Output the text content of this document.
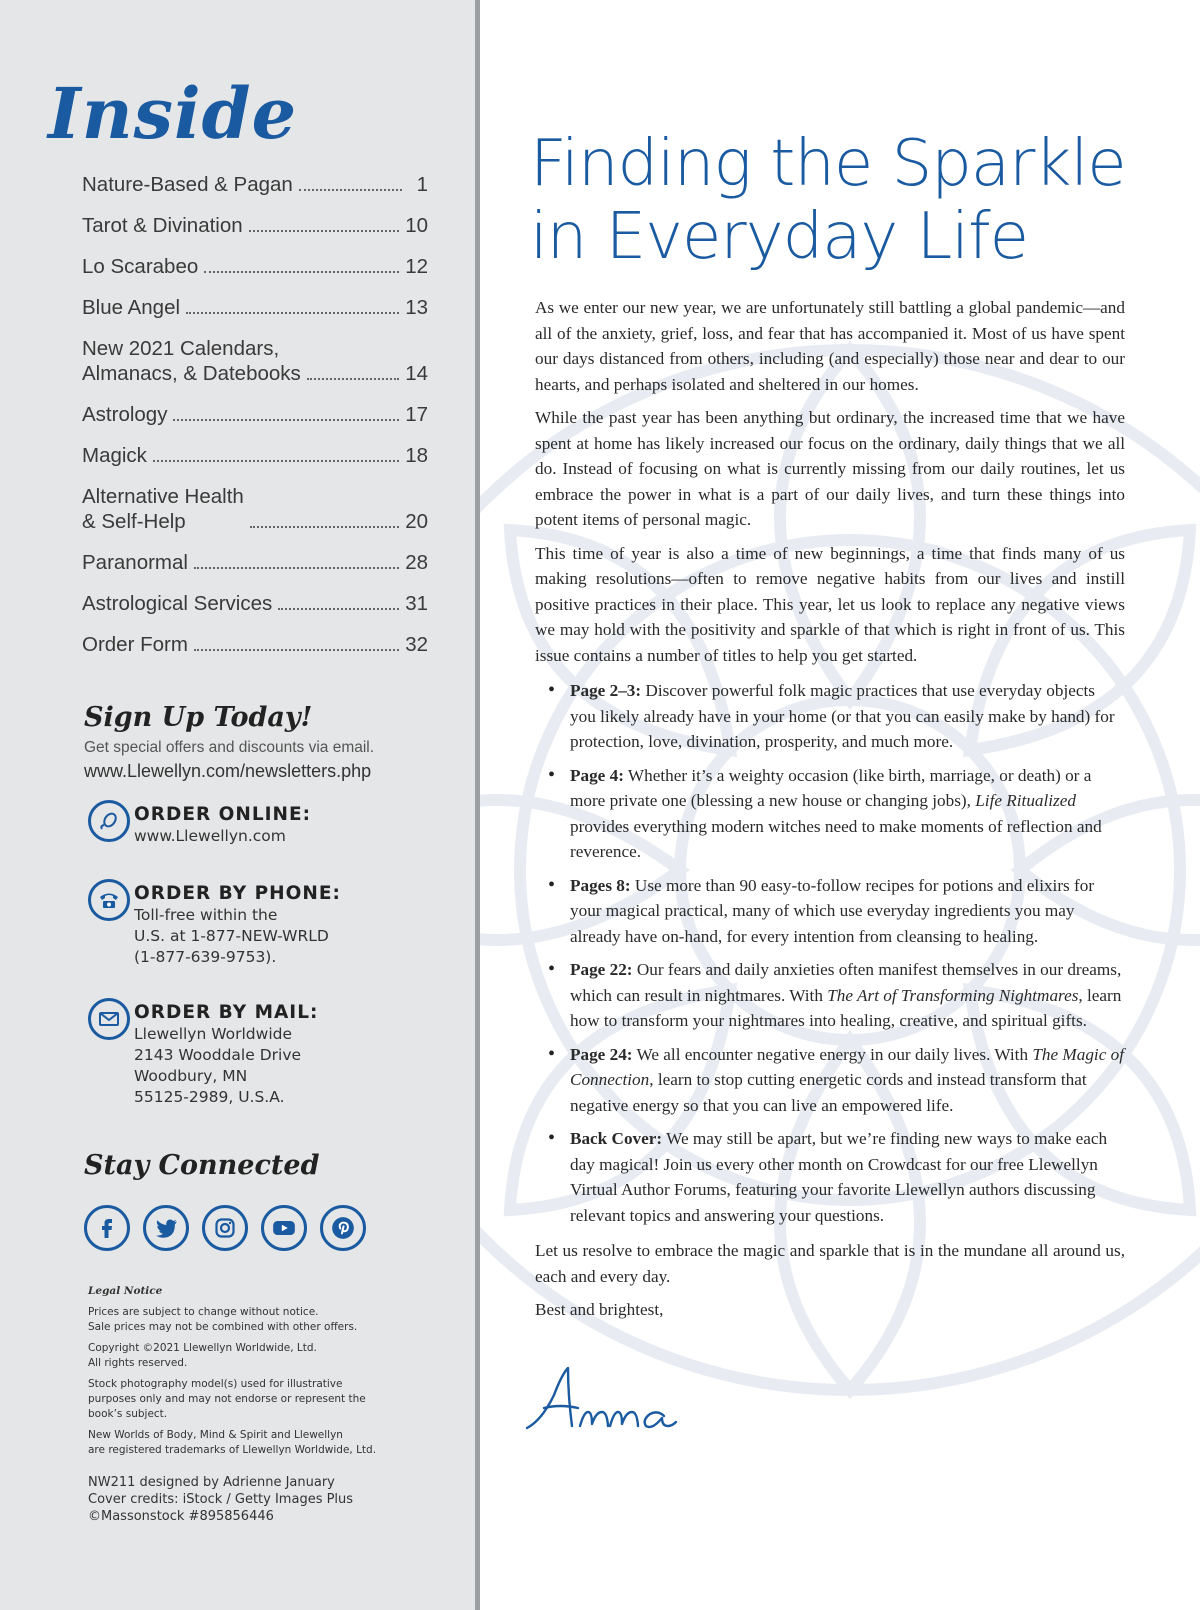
Inside
Nature-Based & Pagan	1
Tarot & Divination	10
Lo Scarabeo	12
Blue Angel	13
New 2021 Calendars,
Almanacs, & Datebooks	14
Astrology	17
Magick	18
Alternative Health
& Self-Help	20
Paranormal	28
Astrological Services	31
Order Form	32

Sign Up Today!

Get special offers and discounts via email.

www.Llewellyn.com/newsletters.php

ORDER ONLINE:

www.Llewellyn.com

ORDER BY PHONE:

Toll-free within the

U.S. at 1-877-NEW-WRLD

(1-877-639-9753).

ORDER BY MAIL:

Llewellyn Worldwide

2143 Wooddale Drive

Woodbury, MN

55125-2989, U.S.A.

Stay Connected

Legal Notice

Prices are subject to change without notice.
Sale prices may not be combined with other offers.

Copyright ©2021 Llewellyn Worldwide, Ltd.
All rights reserved.

Stock photography model(s) used for illustrative
purposes only and may not endorse or represent the
book’s subject.

New Worlds of Body, Mind & Spirit and Llewellyn
are registered trademarks of Llewellyn Worldwide, Ltd.

NW211 designed by Adrienne January

Cover credits: iStock / Getty Images Plus

©Massonstock #895856446

Finding the Sparkle
in Everyday Life

As we enter our new year, we are unfortunately still battling a global pandemic—and all of the anxiety, grief, loss, and fear that has accompanied it. Most of us have spent our days distanced from others, including (and especially) those near and dear to our hearts, and perhaps isolated and sheltered in our homes.

While the past year has been anything but ordinary, the increased time that we have spent at home has likely increased our focus on the ordinary, daily things that we all do. Instead of focusing on what is currently missing from our daily routines, let us embrace the power in what is a part of our daily lives, and turn these things into potent items of personal magic.

This time of year is also a time of new beginnings, a time that finds many of us making resolutions—often to remove negative habits from our lives and instill positive practices in their place. This year, let us look to replace any negative views we may hold with the positivity and sparkle of that which is right in front of us. This issue contains a number of titles to help you get started.

• Page 2–3: Discover powerful folk magic practices that use everyday objects you likely already have in your home (or that you can easily make by hand) for protection, love, divination, prosperity, and much more.
• Page 4: Whether it’s a weighty occasion (like birth, marriage, or death) or a more private one (blessing a new house or changing jobs), Life Ritualized provides everything modern witches need to make moments of reflection and reverence.
• Pages 8: Use more than 90 easy-to-follow recipes for potions and elixirs for your magical practical, many of which use everyday ingredients you may already have on-hand, for every intention from cleansing to healing.
• Page 22: Our fears and daily anxieties often manifest themselves in our dreams, which can result in nightmares. With The Art of Transforming Nightmares, learn how to transform your nightmares into healing, creative, and spiritual gifts.
• Page 24: We all encounter negative energy in our daily lives. With The Magic of Connection, learn to stop cutting energetic cords and instead transform that negative energy so that you can live an empowered life.
• Back Cover: We may still be apart, but we’re finding new ways to make each day magical! Join us every other month on Crowdcast for our free Llewellyn Virtual Author Forums, featuring your favorite Llewellyn authors discussing relevant topics and answering your questions.

Let us resolve to embrace the magic and sparkle that is in the mundane all around us, each and every day.

Best and brightest,
